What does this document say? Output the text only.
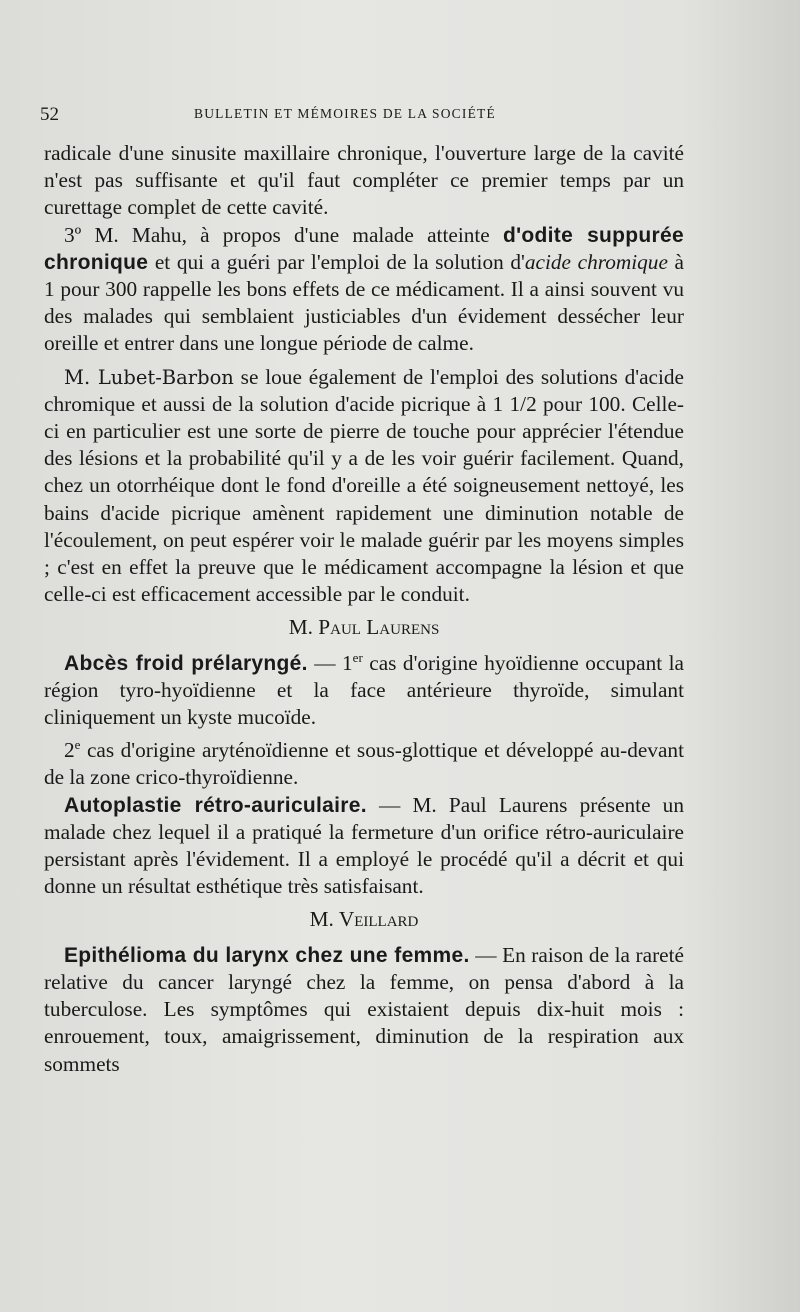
52	BULLETIN ET MÉMOIRES DE LA SOCIÉTÉ

radicale d'une sinusite maxillaire chronique, l'ouverture large de la cavité n'est pas suffisante et qu'il faut compléter ce premier temps par un curettage complet de cette cavité.

3º M. Mahu, à propos d'une malade atteinte d'odite suppurée chronique et qui a guéri par l'emploi de la solution d'acide chromique à 1 pour 300 rappelle les bons effets de ce médicament. Il a ainsi souvent vu des malades qui semblaient justiciables d'un évidement dessécher leur oreille et entrer dans une longue période de calme.

M. Lubet-Barbon se loue également de l'emploi des solutions d'acide chromique et aussi de la solution d'acide picrique à 1 1/2 pour 100. Celle-ci en particulier est une sorte de pierre de touche pour apprécier l'étendue des lésions et la probabilité qu'il y a de les voir guérir facilement. Quand, chez un otorrhéique dont le fond d'oreille a été soigneusement nettoyé, les bains d'acide picrique amènent rapidement une diminution notable de l'écoulement, on peut espérer voir le malade guérir par les moyens simples ; c'est en effet la preuve que le médicament accompagne la lésion et que celle-ci est efficacement accessible par le conduit.

M. Paul Laurens

Abcès froid prélaryngé. — 1er cas d'origine hyoïdienne occupant la région tyro-hyoïdienne et la face antérieure thyroïde, simulant cliniquement un kyste mucoïde.

2e cas d'origine aryténoïdienne et sous-glottique et développé au-devant de la zone crico-thyroïdienne.

Autoplastie rétro-auriculaire. — M. Paul Laurens présente un malade chez lequel il a pratiqué la fermeture d'un orifice rétro-auriculaire persistant après l'évidement. Il a employé le procédé qu'il a décrit et qui donne un résultat esthétique très satisfaisant.

M. Veillard

Epithélioma du larynx chez une femme. — En raison de la rareté relative du cancer laryngé chez la femme, on pensa d'abord à la tuberculose. Les symptômes qui existaient depuis dix-huit mois : enrouement, toux, amaigrissement, diminution de la respiration aux sommets
